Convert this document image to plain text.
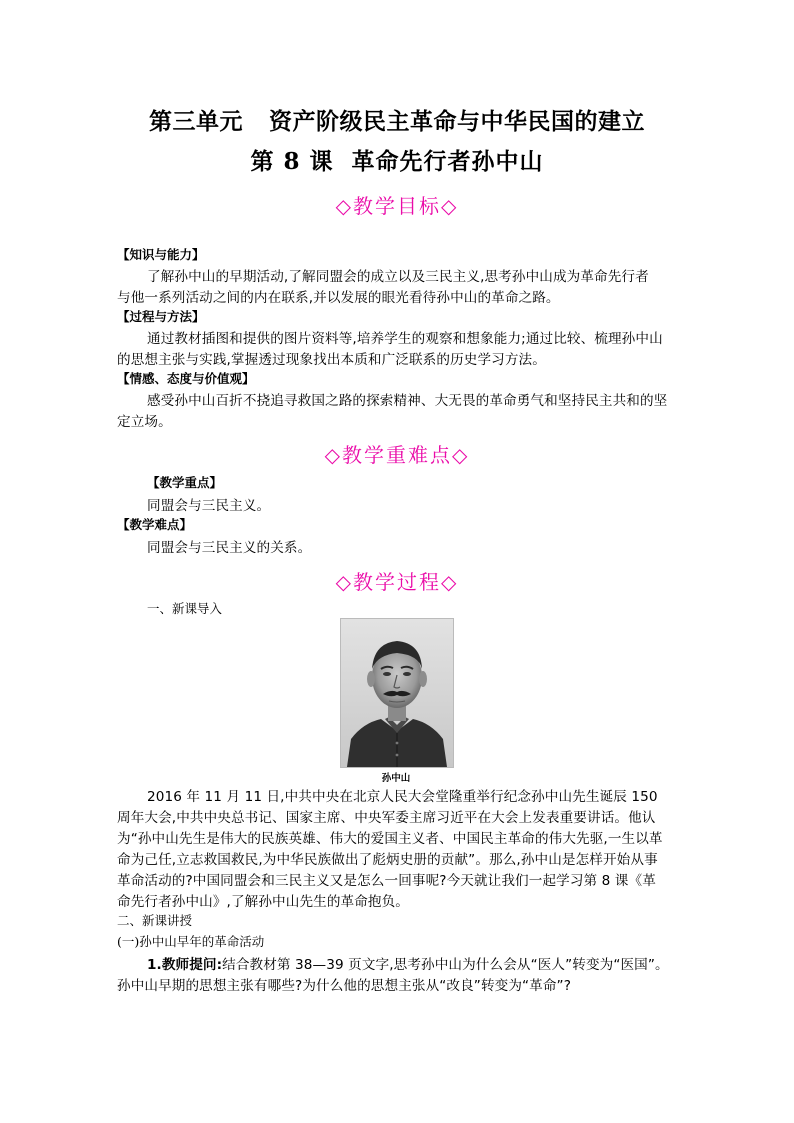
第三单元 资产阶级民主革命与中华民国的建立
第 8 课 革命先行者孙中山
◇教学目标◇
【知识与能力】
了解孙中山的早期活动,了解同盟会的成立以及三民主义,思考孙中山成为革命先行者
与他一系列活动之间的内在联系,并以发展的眼光看待孙中山的革命之路。
【过程与方法】
通过教材插图和提供的图片资料等,培养学生的观察和想象能力;通过比较、梳理孙中山
的思想主张与实践,掌握透过现象找出本质和广泛联系的历史学习方法。
【情感、态度与价值观】
感受孙中山百折不挠追寻救国之路的探索精神、大无畏的革命勇气和坚持民主共和的坚
定立场。
◇教学重难点◇
【教学重点】
同盟会与三民主义。
【教学难点】
同盟会与三民主义的关系。
◇教学过程◇
一、新课导入
孙中山
2016 年 11 月 11 日,中共中央在北京人民大会堂隆重举行纪念孙中山先生诞辰 150
周年大会,中共中央总书记、国家主席、中央军委主席习近平在大会上发表重要讲话。他认
为“孙中山先生是伟大的民族英雄、伟大的爱国主义者、中国民主革命的伟大先驱,一生以革
命为己任,立志救国救民,为中华民族做出了彪炳史册的贡献”。那么,孙中山是怎样开始从事
革命活动的?中国同盟会和三民主义又是怎么一回事呢?今天就让我们一起学习第 8 课《革
命先行者孙中山》,了解孙中山先生的革命抱负。
二、新课讲授
(一)孙中山早年的革命活动
1.教师提问:结合教材第 38—39 页文字,思考孙中山为什么会从“医人”转变为“医国”。
孙中山早期的思想主张有哪些?为什么他的思想主张从“改良”转变为“革命”?
